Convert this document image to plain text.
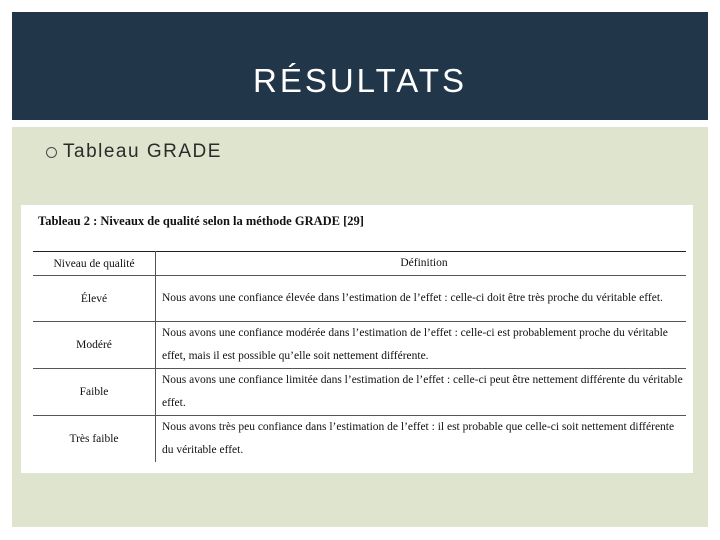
RÉSULTATS
Tableau GRADE
Tableau 2 : Niveaux de qualité selon la méthode GRADE [29]
Niveau de qualité	Définition
Élevé	Nous avons une confiance élevée dans l’estimation de l’effet : celle-ci doit être très proche du véritable effet.
Modéré	Nous avons une confiance modérée dans l’estimation de l’effet : celle-ci est probablement proche du véritable effet, mais il est possible qu’elle soit nettement différente.
Faible	Nous avons une confiance limitée dans l’estimation de l’effet : celle-ci peut être nettement différente du véritable effet.
Très faible	Nous avons très peu confiance dans l’estimation de l’effet : il est probable que celle-ci soit nettement différente du véritable effet.
